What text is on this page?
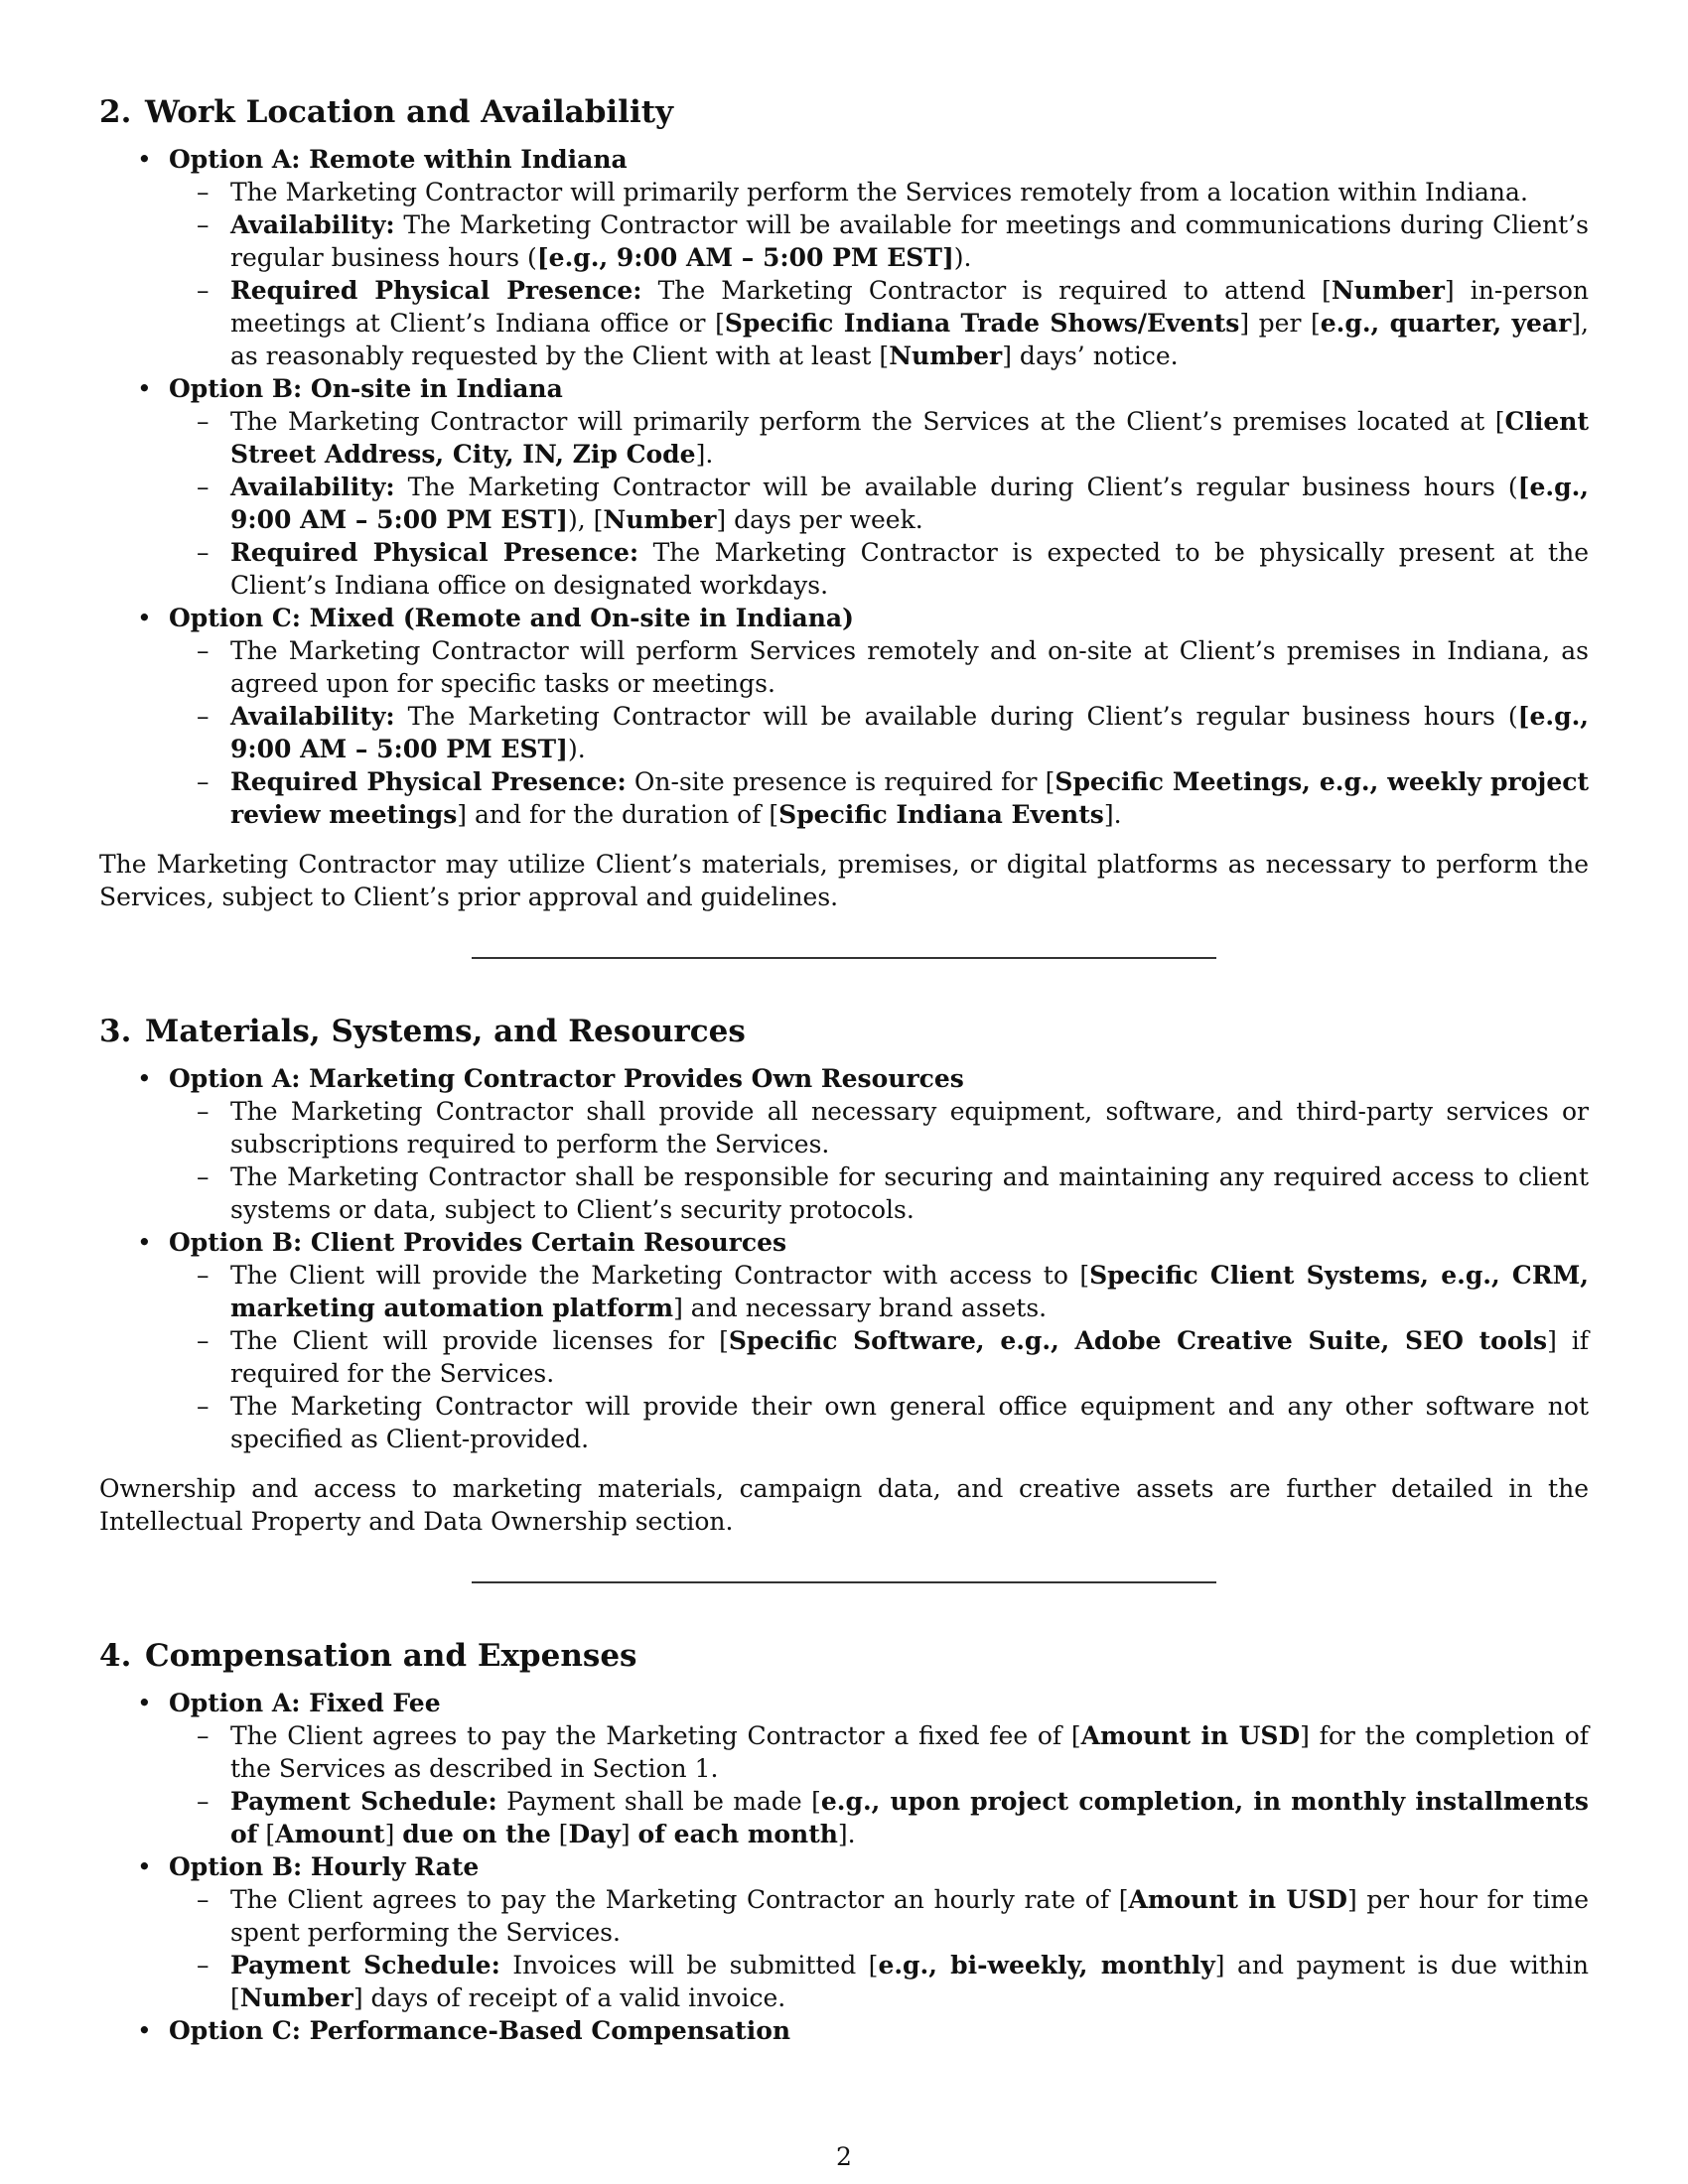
2. Work Location and Availability
• Option A: Remote within Indiana
– The Marketing Contractor will primarily perform the Services remotely from a location within Indiana.
– Availability: The Marketing Contractor will be available for meetings and communications during Client’s regular business hours ([e.g., 9:00 AM – 5:00 PM EST]).
– Required Physical Presence: The Marketing Contractor is required to attend [Number] in-person meetings at Client’s Indiana office or [Specific Indiana Trade Shows/Events] per [e.g., quarter, year], as reasonably requested by the Client with at least [Number] days’ notice.
• Option B: On-site in Indiana
– The Marketing Contractor will primarily perform the Services at the Client’s premises located at [Client Street Address, City, IN, Zip Code].
– Availability: The Marketing Contractor will be available during Client’s regular business hours ([e.g., 9:00 AM – 5:00 PM EST]), [Number] days per week.
– Required Physical Presence: The Marketing Contractor is expected to be physically present at the Client’s Indiana office on designated workdays.
• Option C: Mixed (Remote and On-site in Indiana)
– The Marketing Contractor will perform Services remotely and on-site at Client’s premises in Indiana, as agreed upon for specific tasks or meetings.
– Availability: The Marketing Contractor will be available during Client’s regular business hours ([e.g., 9:00 AM – 5:00 PM EST]).
– Required Physical Presence: On-site presence is required for [Specific Meetings, e.g., weekly project review meetings] and for the duration of [Specific Indiana Events].

The Marketing Contractor may utilize Client’s materials, premises, or digital platforms as necessary to perform the Services, subject to Client’s prior approval and guidelines.

3. Materials, Systems, and Resources
• Option A: Marketing Contractor Provides Own Resources
– The Marketing Contractor shall provide all necessary equipment, software, and third-party services or subscriptions required to perform the Services.
– The Marketing Contractor shall be responsible for securing and maintaining any required access to client systems or data, subject to Client’s security protocols.
• Option B: Client Provides Certain Resources
– The Client will provide the Marketing Contractor with access to [Specific Client Systems, e.g., CRM, marketing automation platform] and necessary brand assets.
– The Client will provide licenses for [Specific Software, e.g., Adobe Creative Suite, SEO tools] if required for the Services.
– The Marketing Contractor will provide their own general office equipment and any other software not specified as Client-provided.

Ownership and access to marketing materials, campaign data, and creative assets are further detailed in the Intellectual Property and Data Ownership section.

4. Compensation and Expenses
• Option A: Fixed Fee
– The Client agrees to pay the Marketing Contractor a fixed fee of [Amount in USD] for the completion of the Services as described in Section 1.
– Payment Schedule: Payment shall be made [e.g., upon project completion, in monthly installments of [Amount] due on the [Day] of each month].
• Option B: Hourly Rate
– The Client agrees to pay the Marketing Contractor an hourly rate of [Amount in USD] per hour for time spent performing the Services.
– Payment Schedule: Invoices will be submitted [e.g., bi-weekly, monthly] and payment is due within [Number] days of receipt of a valid invoice.
• Option C: Performance-Based Compensation
2
